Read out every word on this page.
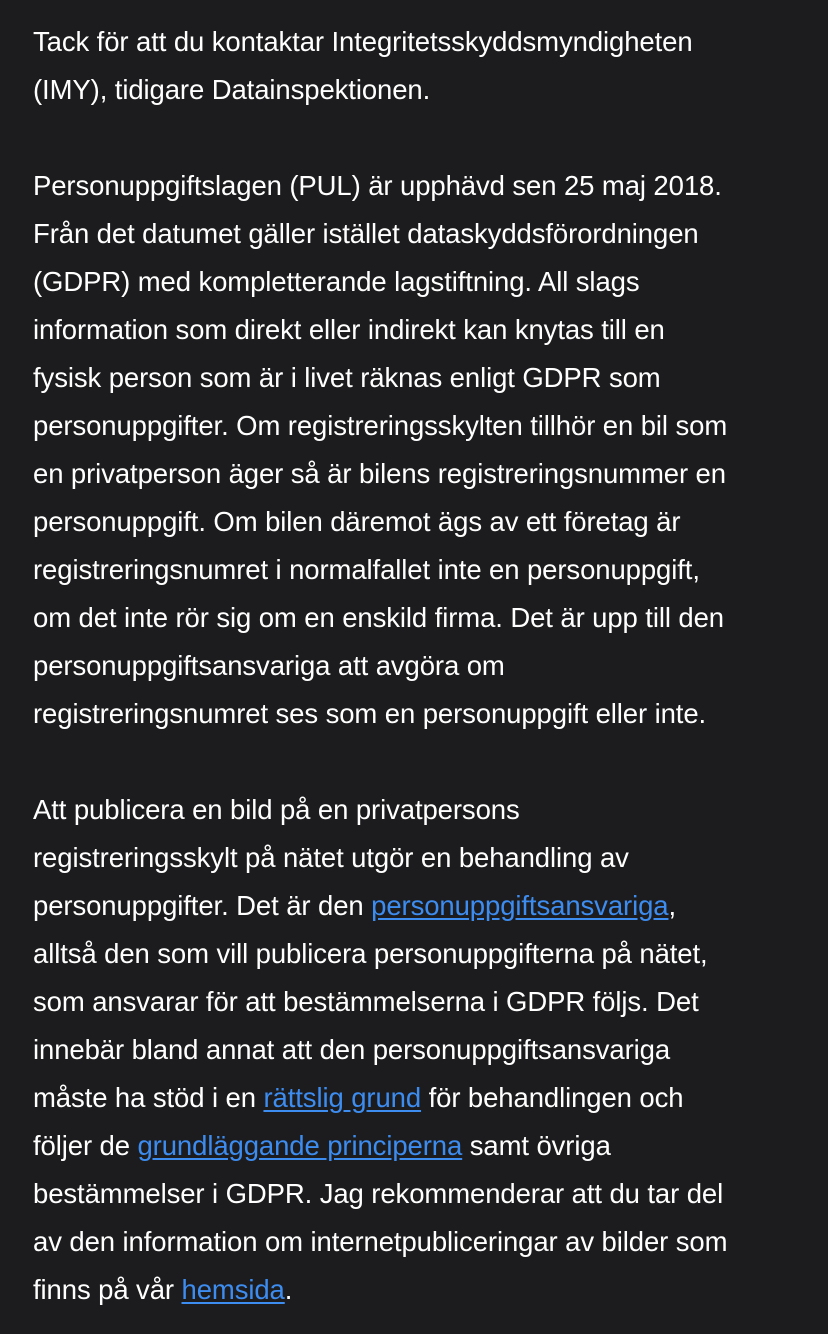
Tack för att du kontaktar Integritetsskyddsmyndigheten
(IMY), tidigare Datainspektionen.

Personuppgiftslagen (PUL) är upphävd sen 25 maj 2018.
Från det datumet gäller istället dataskyddsförordningen
(GDPR) med kompletterande lagstiftning. All slags
information som direkt eller indirekt kan knytas till en
fysisk person som är i livet räknas enligt GDPR som
personuppgifter. Om registreringsskylten tillhör en bil som
en privatperson äger så är bilens registreringsnummer en
personuppgift. Om bilen däremot ägs av ett företag är
registreringsnumret i normalfallet inte en personuppgift,
om det inte rör sig om en enskild firma. Det är upp till den
personuppgiftsansvariga att avgöra om
registreringsnumret ses som en personuppgift eller inte.

Att publicera en bild på en privatpersons
registreringsskylt på nätet utgör en behandling av
personuppgifter. Det är den personuppgiftsansvariga,
alltså den som vill publicera personuppgifterna på nätet,
som ansvarar för att bestämmelserna i GDPR följs. Det
innebär bland annat att den personuppgiftsansvariga
måste ha stöd i en rättslig grund för behandlingen och
följer de grundläggande principerna samt övriga
bestämmelser i GDPR. Jag rekommenderar att du tar del
av den information om internetpubliceringar av bilder som
finns på vår hemsida.
